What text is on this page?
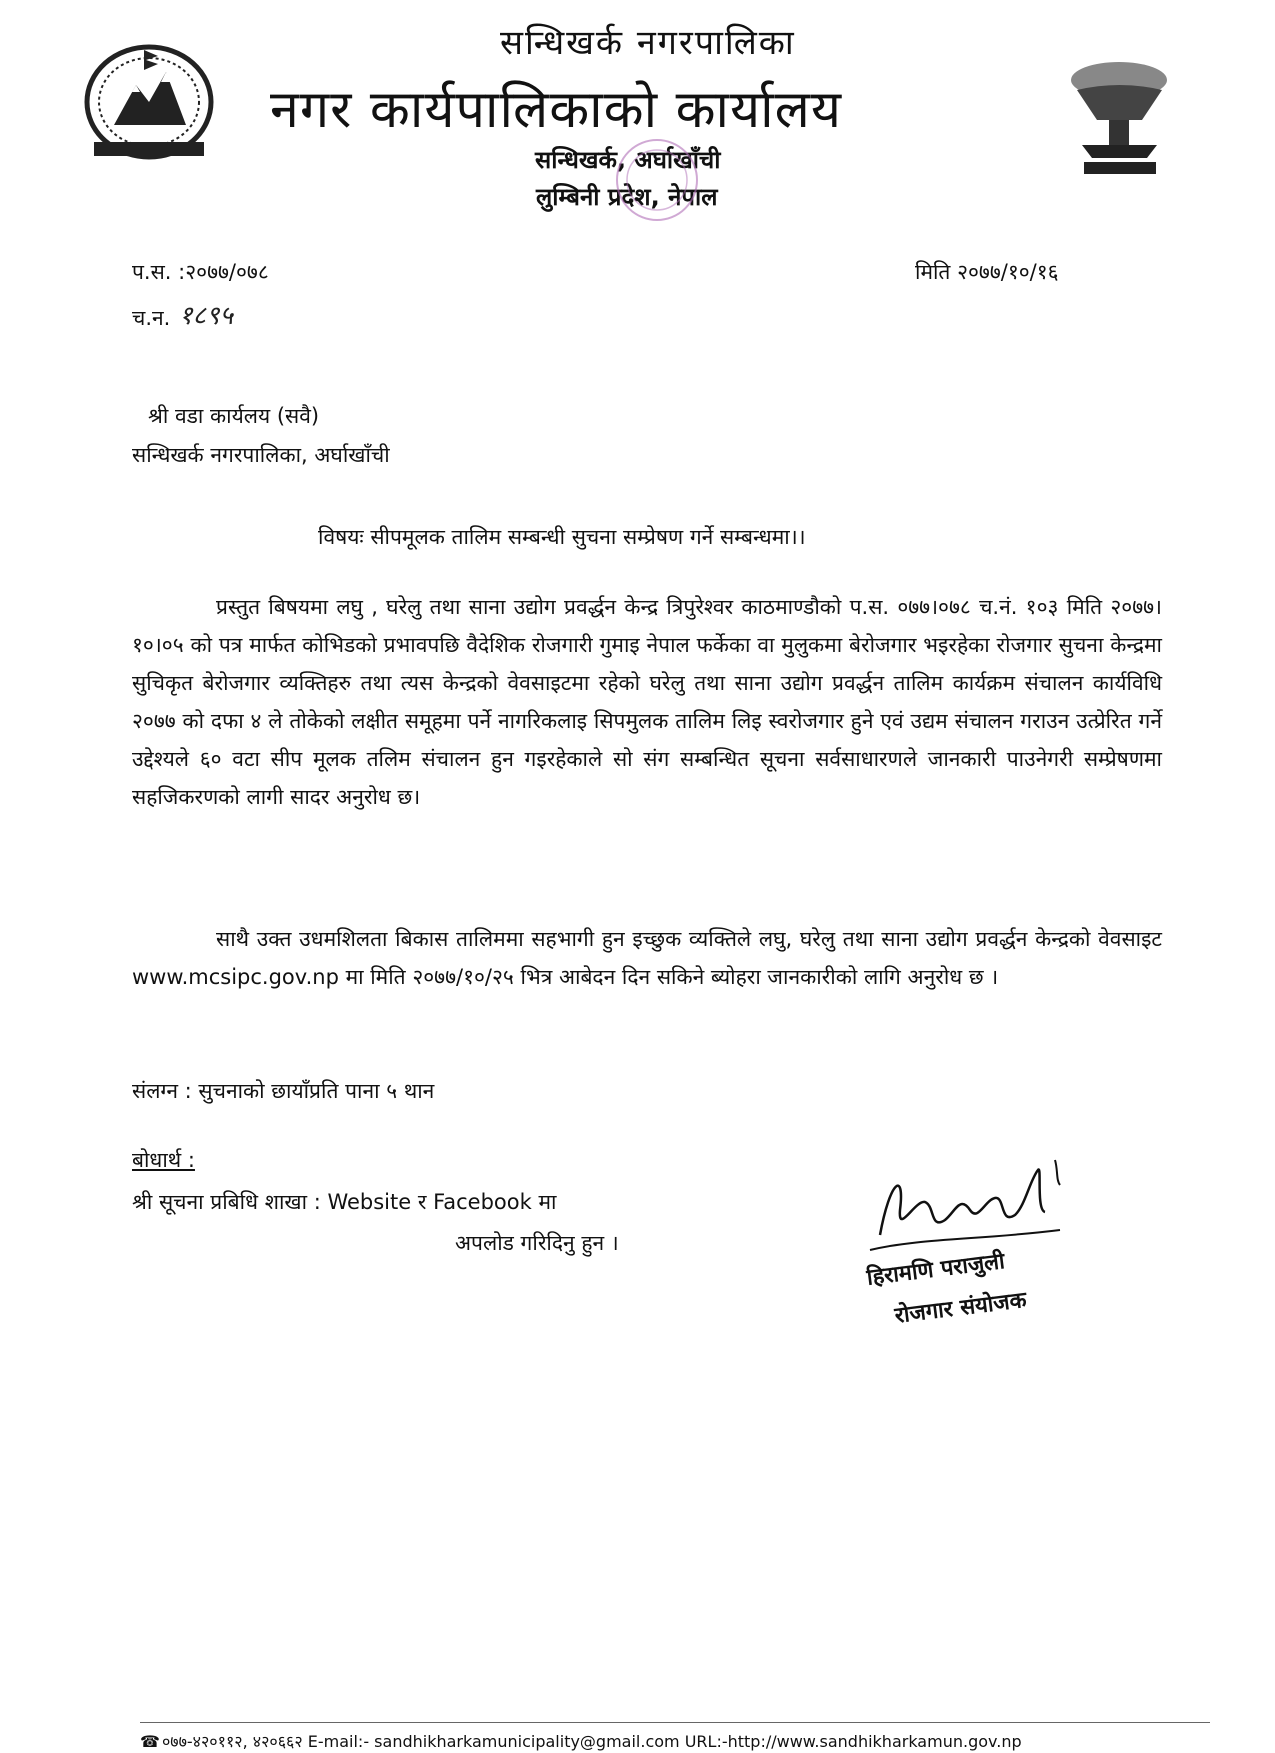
सन्धिखर्क नगरपालिका
नगर कार्यपालिकाको कार्यालय
सन्धिखर्क, अर्घाखाँची
लुम्बिनी प्रदेश, नेपाल
प.स. :२०७७/०७८	मिति २०७७/१०/१६
च.न. १८९५
श्री वडा कार्यलय (सवै)
सन्धिखर्क नगरपालिका, अर्घाखाँची
विषयः सीपमूलक तालिम सम्बन्धी सुचना सम्प्रेषण गर्ने सम्बन्धमा।।
प्रस्तुत बिषयमा लघु , घरेलु तथा साना उद्योग प्रवर्द्धन केन्द्र त्रिपुरेश्वर काठमाण्डौको प.स. ०७७।०७८ च.नं. १०३ मिति २०७७।१०।०५ को पत्र मार्फत कोभिडको प्रभावपछि वैदेशिक रोजगारी गुमाइ नेपाल फर्केका वा मुलुकमा बेरोजगार भइरहेका रोजगार सुचना केन्द्रमा सुचिकृत बेरोजगार व्यक्तिहरु तथा त्यस केन्द्रको वेवसाइटमा रहेको घरेलु तथा साना उद्योग प्रवर्द्धन तालिम कार्यक्रम संचालन कार्यविधि २०७७ को दफा ४ ले तोकेको लक्षीत समूहमा पर्ने नागरिकलाइ सिपमुलक तालिम लिइ स्वरोजगार हुने एवं उद्यम संचालन गराउन उत्प्रेरित गर्ने उद्देश्यले ६० वटा सीप मूलक तलिम संचालन हुन गइरहेकाले सो संग सम्बन्धित सूचना सर्वसाधारणले जानकारी पाउनेगरी सम्प्रेषणमा सहजिकरणको लागी सादर अनुरोध छ।
साथै उक्त उधमशिलता बिकास तालिममा सहभागी हुन इच्छुक व्यक्तिले लघु, घरेलु तथा साना उद्योग प्रवर्द्धन केन्द्रको वेवसाइट www.mcsipc.gov.np मा मिति २०७७/१०/२५ भित्र आबेदन दिन सकिने ब्योहरा जानकारीको लागि अनुरोध छ ।
संलग्न : सुचनाको छायाँप्रति पाना ५ थान
बोधार्थ :
श्री सूचना प्रबिधि शाखा : Website र Facebook मा
अपलोड गरिदिनु हुन ।
हिरामणि पराजुली
रोजगार संयोजक
☎ ०७७-४२०११२, ४२०६६२ E-mail:- sandhikharkamunicipality@gmail.com URL:-http://www.sandhikharkamun.gov.np
